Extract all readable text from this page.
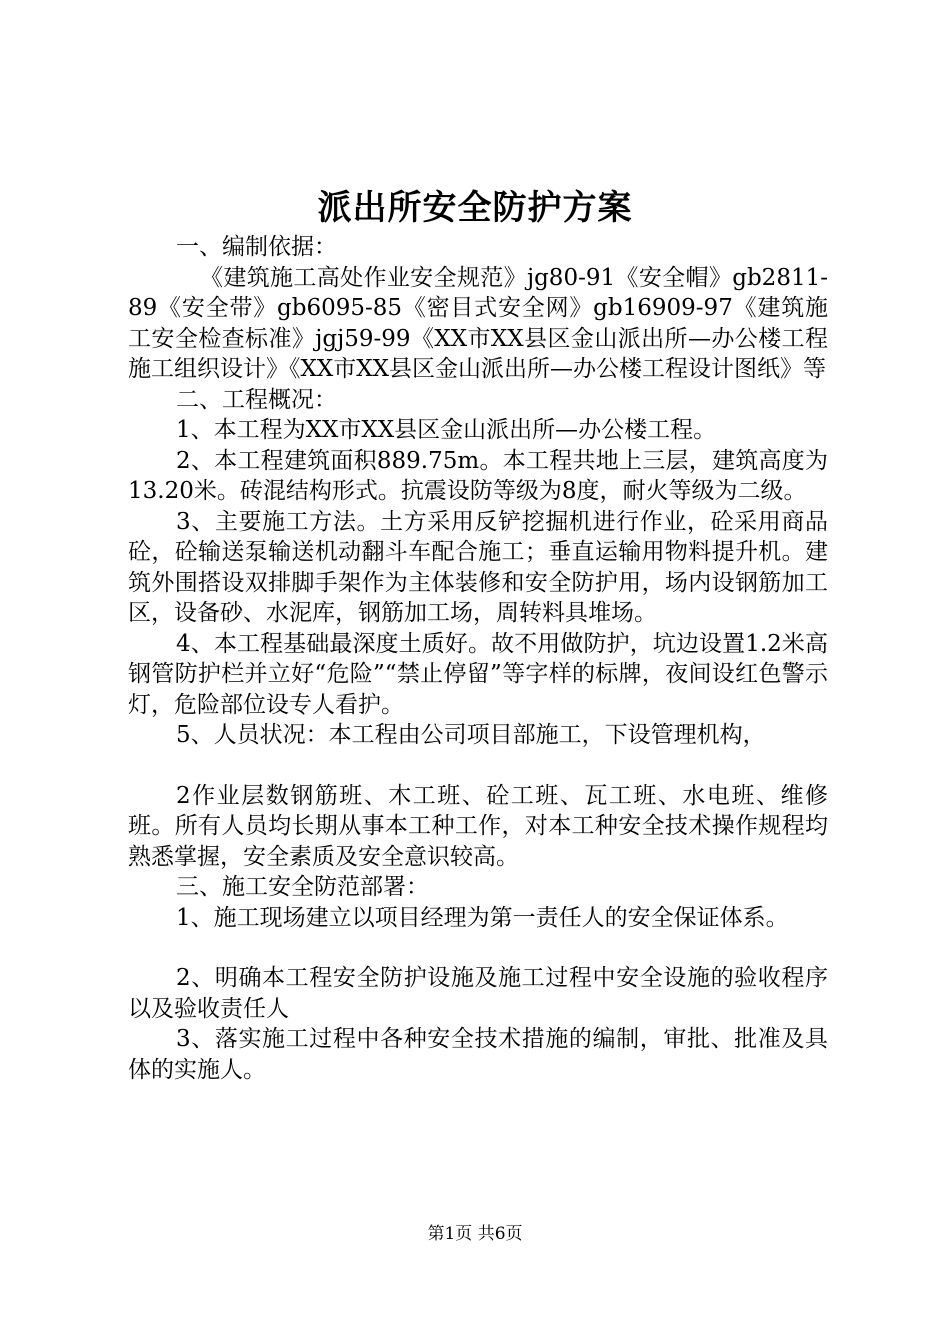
派出所安全防护方案

一、编制依据：

《建筑施工高处作业安全规范》jg80-91《安全帽》gb2811-89《安全带》gb6095-85《密目式安全网》gb16909-97《建筑施工安全检查标准》jgj59-99《XX市XX县区金山派出所—办公楼工程施工组织设计》《XX市XX县区金山派出所—办公楼工程设计图纸》等

二、工程概况：

1、本工程为XX市XX县区金山派出所—办公楼工程。

2、本工程建筑面积889.75m。本工程共地上三层，建筑高度为13.20米。砖混结构形式。抗震设防等级为8度，耐火等级为二级。

3、主要施工方法。土方采用反铲挖掘机进行作业，砼采用商品砼，砼输送泵输送机动翻斗车配合施工；垂直运输用物料提升机。建筑外围搭设双排脚手架作为主体装修和安全防护用，场内设钢筋加工区，设备砂、水泥库，钢筋加工场，周转料具堆场。

4、本工程基础最深度土质好。故不用做防护，坑边设置1.2米高钢管防护栏并立好“危险”“禁止停留”等字样的标牌，夜间设红色警示灯，危险部位设专人看护。

5、人员状况：本工程由公司项目部施工，下设管理机构，

2作业层数钢筋班、木工班、砼工班、瓦工班、水电班、维修班。所有人员均长期从事本工种工作，对本工种安全技术操作规程均熟悉掌握，安全素质及安全意识较高。

三、施工安全防范部署：

1、施工现场建立以项目经理为第一责任人的安全保证体系。

2、明确本工程安全防护设施及施工过程中安全设施的验收程序以及验收责任人

3、落实施工过程中各种安全技术措施的编制，审批、批准及具体的实施人。

第1页 共6页
